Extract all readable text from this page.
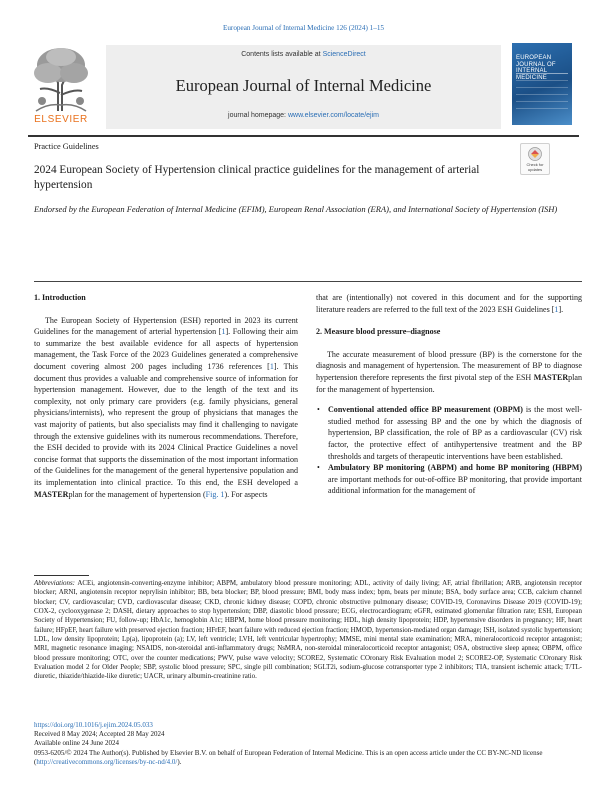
European Journal of Internal Medicine 126 (2024) 1–15
ELSEVIER
Contents lists available at ScienceDirect
European Journal of Internal Medicine
journal homepage: www.elsevier.com/locate/ejim
EUROPEAN JOURNAL OF INTERNAL MEDICINE
Practice Guidelines
2024 European Society of Hypertension clinical practice guidelines for the management of arterial hypertension
Check for updates
Endorsed by the European Federation of Internal Medicine (EFIM), European Renal Association (ERA), and International Society of Hypertension (ISH)

1. Introduction

The European Society of Hypertension (ESH) reported in 2023 its current Guidelines for the management of arterial hypertension [1]. Following their aim to summarize the best available evidence for all aspects of hypertension management, the Task Force of the 2023 Guidelines generated a comprehensive document covering almost 200 pages including 1736 references [1]. This document thus provides a valuable and comprehensive source of information for hypertension management. However, due to the length of the text and its complexity, not only primary care providers (e.g. family physicians, general physicians/internists), who represent the group of physicians that manages the vast majority of patients, but also specialists may find it challenging to navigate through the extensive guidelines with its numerous recommendations. Therefore, the ESH decided to provide with its 2024 Clinical Practice Guidelines a novel concise format that supports the dissemination of the most important information of the Guidelines for the management of the general hypertensive population and its implementation into clinical practice. To this end, the ESH developed a MASTERplan for the management of hypertension (Fig. 1). For aspects

that are (intentionally) not covered in this document and for the supporting literature readers are referred to the full text of the 2023 ESH Guidelines [1].

2. Measure blood pressure–diagnose

The accurate measurement of blood pressure (BP) is the cornerstone for the diagnosis and management of hypertension. The measurement of BP to diagnose hypertension therefore represents the first pivotal step of the ESH MASTERplan for the management of hypertension.

• Conventional attended office BP measurement (OBPM) is the most well-studied method for assessing BP and the one by which the diagnosis of hypertension, BP classification, the role of BP as a cardiovascular (CV) risk factor, the protective effect of antihypertensive treatment and the BP thresholds and targets of therapeutic interventions have been established.

• Ambulatory BP monitoring (ABPM) and home BP monitoring (HBPM) are important methods for out-of-office BP monitoring, that provide important additional information for the management of

Abbreviations: ACEi, angiotensin-converting-enzyme inhibitor; ABPM, ambulatory blood pressure monitoring; ADL, activity of daily living; AF, atrial fibrillation; ARB, angiotensin receptor blocker; ARNI, angiotensin receptor neprylisin inhibitor; BB, beta blocker; BP, blood pressure; BMI, body mass index; bpm, beats per minute; BSA, body surface area; CCB, calcium channel blocker; CV, cardiovascular; CVD, cardiovascular disease; CKD, chronic kidney disease; COPD, chronic obstructive pulmonary disease; COVID-19, Coronavirus Disease 2019 (COVID-19); COX-2, cyclooxygenase 2; DASH, dietary approaches to stop hypertension; DBP, diastolic blood pressure; ECG, electrocardiogram; eGFR, estimated glomerular filtration rate; ESH, European Society of Hypertension; FU, follow-up; HbA1c, hemoglobin A1c; HBPM, home blood pressure monitoring; HDL, high density lipoprotein; HDP, hypertensive disorders in pregnancy; HF, heart failure; HFpEF, heart failure with preserved ejection fraction; HFrEF, heart failure with reduced ejection fraction; HMOD, hypertension-mediated organ damage; ISH, isolated systolic hypertension; LDL, low density lipoprotein; Lp(a), lipoprotein (a); LV, left ventricle; LVH, left ventricular hypertrophy; MMSE, mini mental state examination; MRA, mineralocorticoid receptor antagonist; MRI, magnetic resonance imaging; NSAIDS, non-steroidal anti-inflammatory drugs; NsMRA, non-steroidal mineralocorticoid receptor antagonist; OSA, obstructive sleep apnea; OBPM, office blood pressure monitoring; OTC, over the counter medications; PWV, pulse wave velocity; SCORE2, Systematic COronary Risk Evaluation model 2; SCORE2-OP, Systematic COronary Risk Evaluation model 2 for Older People; SBP, systolic blood pressure; SPC, single pill combination; SGLT2i, sodium-glucose cotransporter type 2 inhibitors; TIA, transient ischemic attack; T/TL-diuretic, thiazide/thiazide-like diuretic; UACR, urinary albumin-creatinine ratio.
https://doi.org/10.1016/j.ejim.2024.05.033
Received 8 May 2024; Accepted 28 May 2024
Available online 24 June 2024
0953-6205/© 2024 The Author(s). Published by Elsevier B.V. on behalf of European Federation of Internal Medicine. This is an open access article under the CC BY-NC-ND license (http://creativecommons.org/licenses/by-nc-nd/4.0/).
